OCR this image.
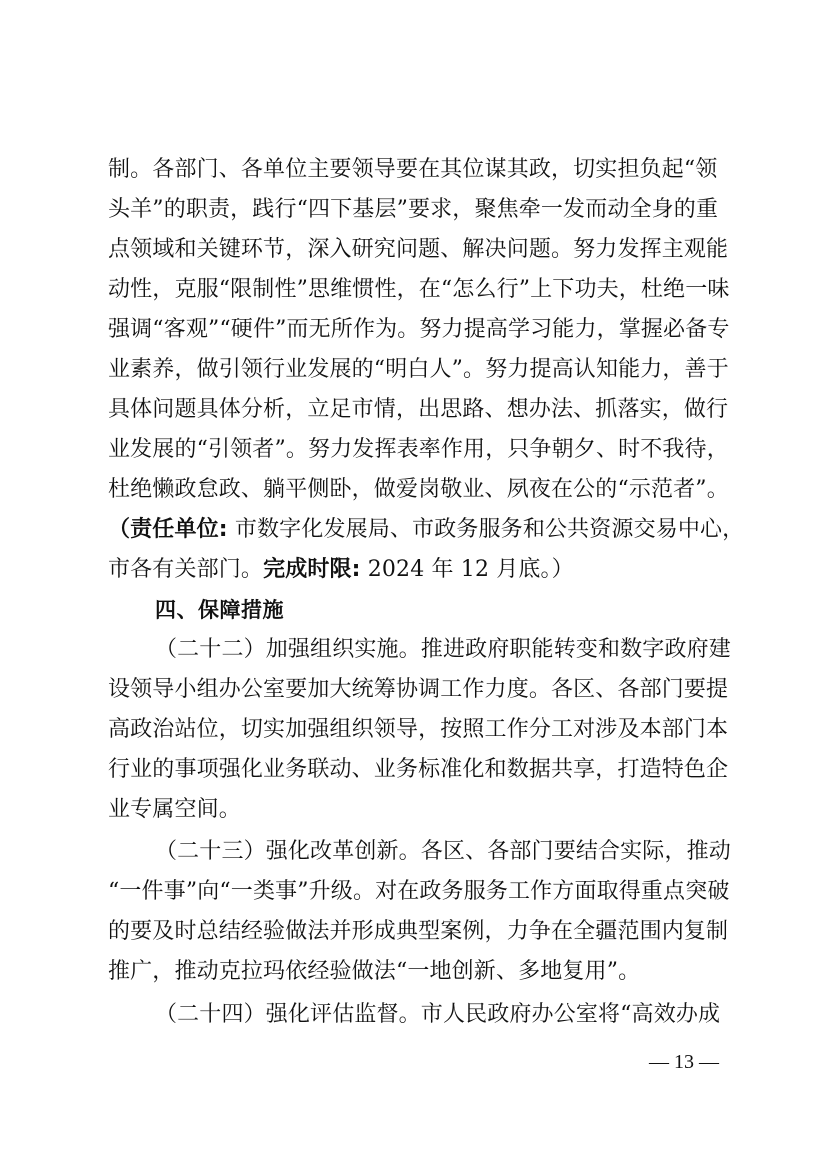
制。各部门、各单位主要领导要在其位谋其政，切实担负起“领
头羊”的职责，践行“四下基层”要求，聚焦牵一发而动全身的重
点领域和关键环节，深入研究问题、解决问题。努力发挥主观能
动性，克服“限制性”思维惯性，在“怎么行”上下功夫，杜绝一味
强调“客观”“硬件”而无所作为。努力提高学习能力，掌握必备专
业素养，做引领行业发展的“明白人”。努力提高认知能力，善于
具体问题具体分析，立足市情，出思路、想办法、抓落实，做行
业发展的“引领者”。努力发挥表率作用，只争朝夕、时不我待，
杜绝懒政怠政、躺平侧卧，做爱岗敬业、夙夜在公的“示范者”。
（责任单位: 市数字化发展局、市政务服务和公共资源交易中心，
市各有关部门。完成时限: 2024 年 12 月底。）
四、保障措施
（二十二）加强组织实施。推进政府职能转变和数字政府建
设领导小组办公室要加大统筹协调工作力度。各区、各部门要提
高政治站位，切实加强组织领导，按照工作分工对涉及本部门本
行业的事项强化业务联动、业务标准化和数据共享，打造特色企
业专属空间。
（二十三）强化改革创新。各区、各部门要结合实际，推动
“一件事”向“一类事”升级。对在政务服务工作方面取得重点突破
的要及时总结经验做法并形成典型案例，力争在全疆范围内复制
推广，推动克拉玛依经验做法“一地创新、多地复用”。
（二十四）强化评估监督。市人民政府办公室将“高效办成
— 13 —
